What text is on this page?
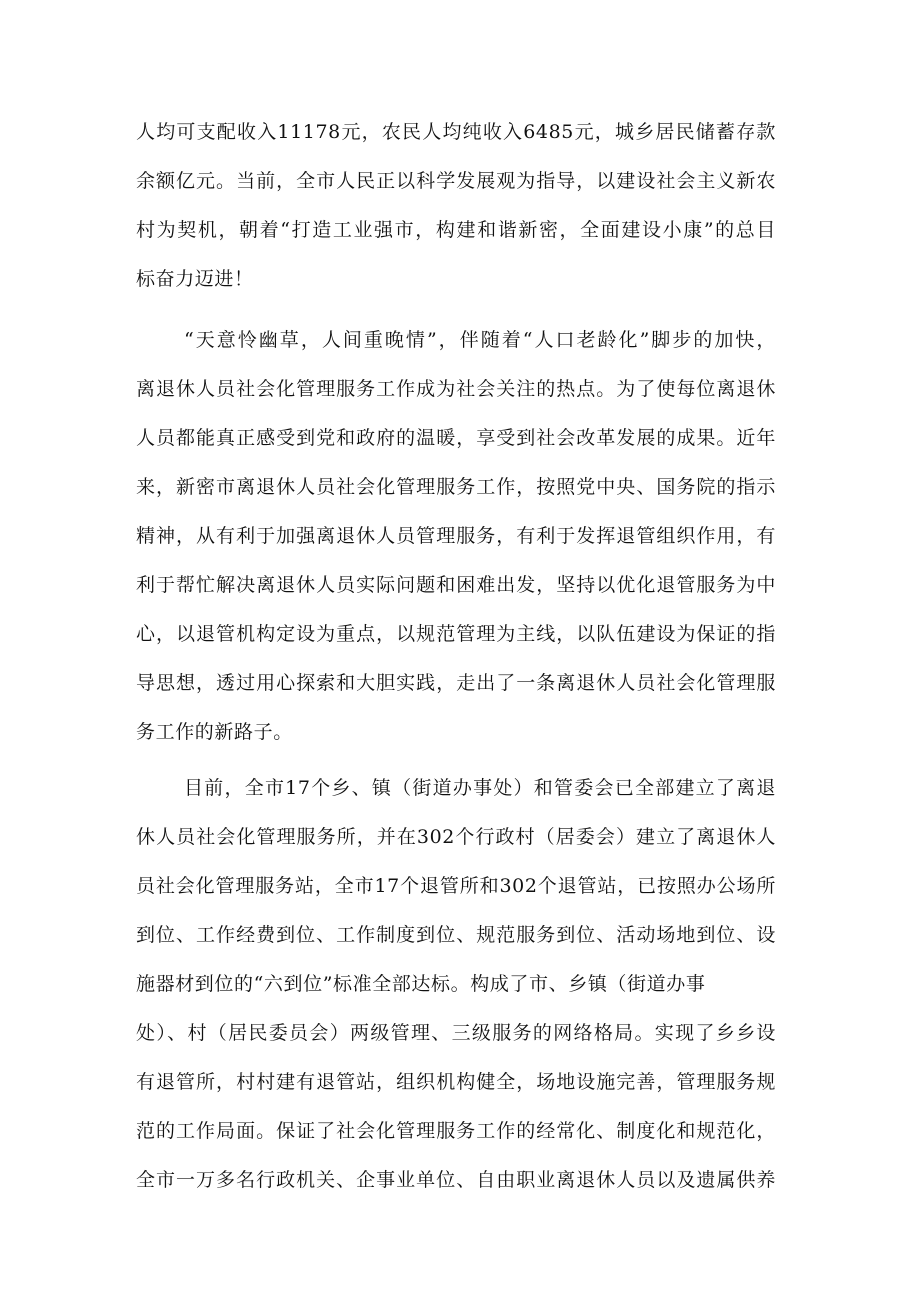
人均可支配收入11178元，农民人均纯收入6485元，城乡居民储蓄存款
余额亿元。当前，全市人民正以科学发展观为指导，以建设社会主义新农
村为契机，朝着“打造工业强市，构建和谐新密，全面建设小康”的总目
标奋力迈进！
“天意怜幽草，人间重晚情”，伴随着“人口老龄化”脚步的加快，
离退休人员社会化管理服务工作成为社会关注的热点。为了使每位离退休
人员都能真正感受到党和政府的温暖，享受到社会改革发展的成果。近年
来，新密市离退休人员社会化管理服务工作，按照党中央、国务院的指示
精神，从有利于加强离退休人员管理服务，有利于发挥退管组织作用，有
利于帮忙解决离退休人员实际问题和困难出发，坚持以优化退管服务为中
心，以退管机构定设为重点，以规范管理为主线，以队伍建设为保证的指
导思想，透过用心探索和大胆实践，走出了一条离退休人员社会化管理服
务工作的新路子。
目前，全市17个乡、镇（街道办事处）和管委会已全部建立了离退
休人员社会化管理服务所，并在302个行政村（居委会）建立了离退休人
员社会化管理服务站，全市17个退管所和302个退管站，已按照办公场所
到位、工作经费到位、工作制度到位、规范服务到位、活动场地到位、设
施器材到位的“六到位”标准全部达标。构成了市、乡镇（街道办事
处）、村（居民委员会）两级管理、三级服务的网络格局。实现了乡乡设
有退管所，村村建有退管站，组织机构健全，场地设施完善，管理服务规
范的工作局面。保证了社会化管理服务工作的经常化、制度化和规范化，
全市一万多名行政机关、企事业单位、自由职业离退休人员以及遗属供养
